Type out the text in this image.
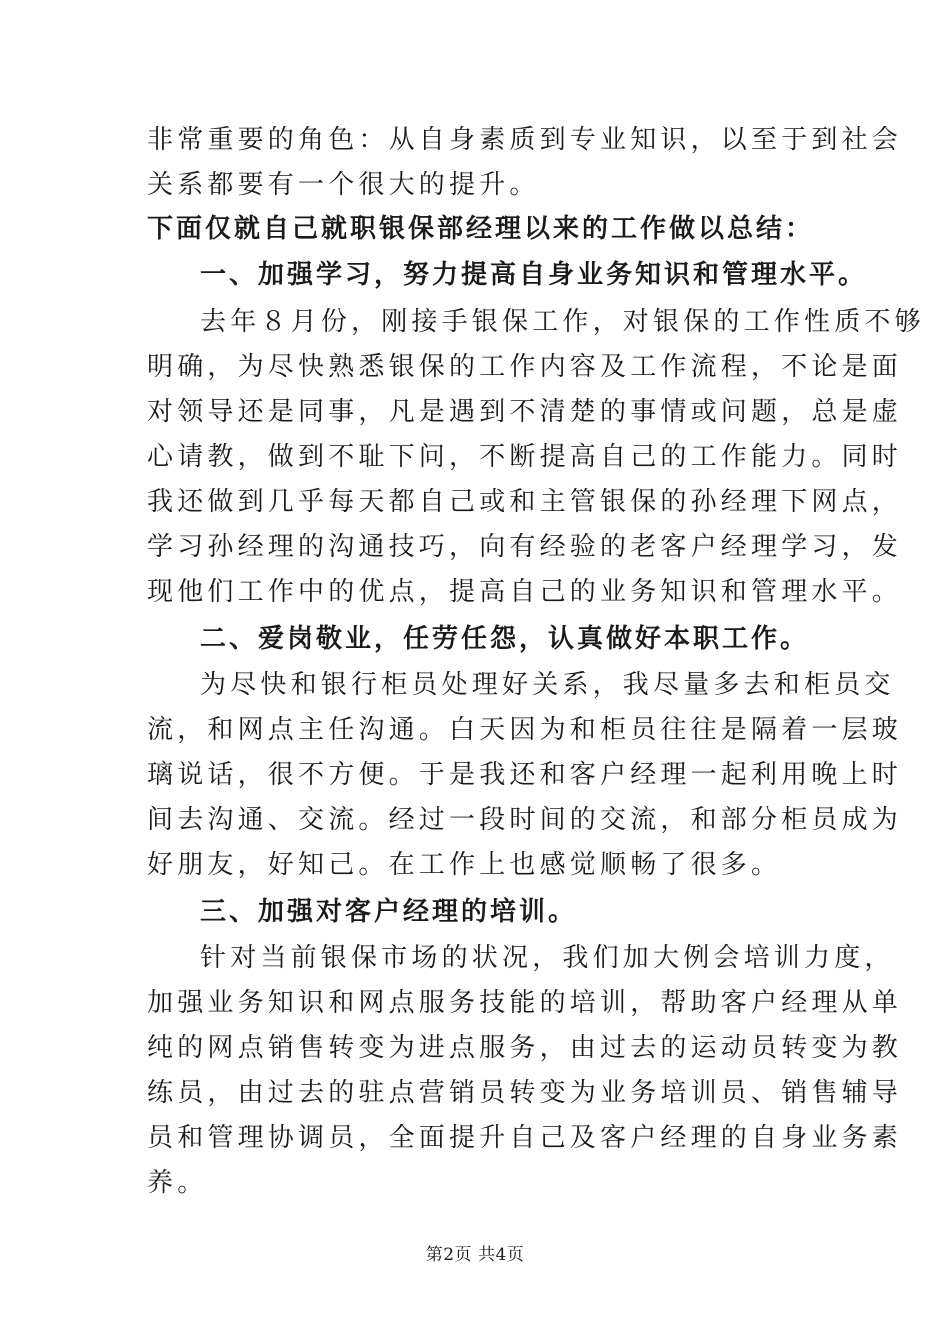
非常重要的角色：从自身素质到专业知识，以至于到社会
关系都要有一个很大的提升。
下面仅就自己就职银保部经理以来的工作做以总结：
一、加强学习，努力提高自身业务知识和管理水平。
去年８月份，刚接手银保工作，对银保的工作性质不够
明确，为尽快熟悉银保的工作内容及工作流程，不论是面
对领导还是同事，凡是遇到不清楚的事情或问题，总是虚
心请教，做到不耻下问，不断提高自己的工作能力。同时
我还做到几乎每天都自己或和主管银保的孙经理下网点，
学习孙经理的沟通技巧，向有经验的老客户经理学习，发
现他们工作中的优点，提高自己的业务知识和管理水平。
二、爱岗敬业，任劳任怨，认真做好本职工作。
为尽快和银行柜员处理好关系，我尽量多去和柜员交
流，和网点主任沟通。白天因为和柜员往往是隔着一层玻
璃说话，很不方便。于是我还和客户经理一起利用晚上时
间去沟通、交流。经过一段时间的交流，和部分柜员成为
好朋友，好知己。在工作上也感觉顺畅了很多。
三、加强对客户经理的培训。
针对当前银保市场的状况，我们加大例会培训力度，
加强业务知识和网点服务技能的培训，帮助客户经理从单
纯的网点销售转变为进点服务，由过去的运动员转变为教
练员，由过去的驻点营销员转变为业务培训员、销售辅导
员和管理协调员，全面提升自己及客户经理的自身业务素
养。
第2页 共4页
